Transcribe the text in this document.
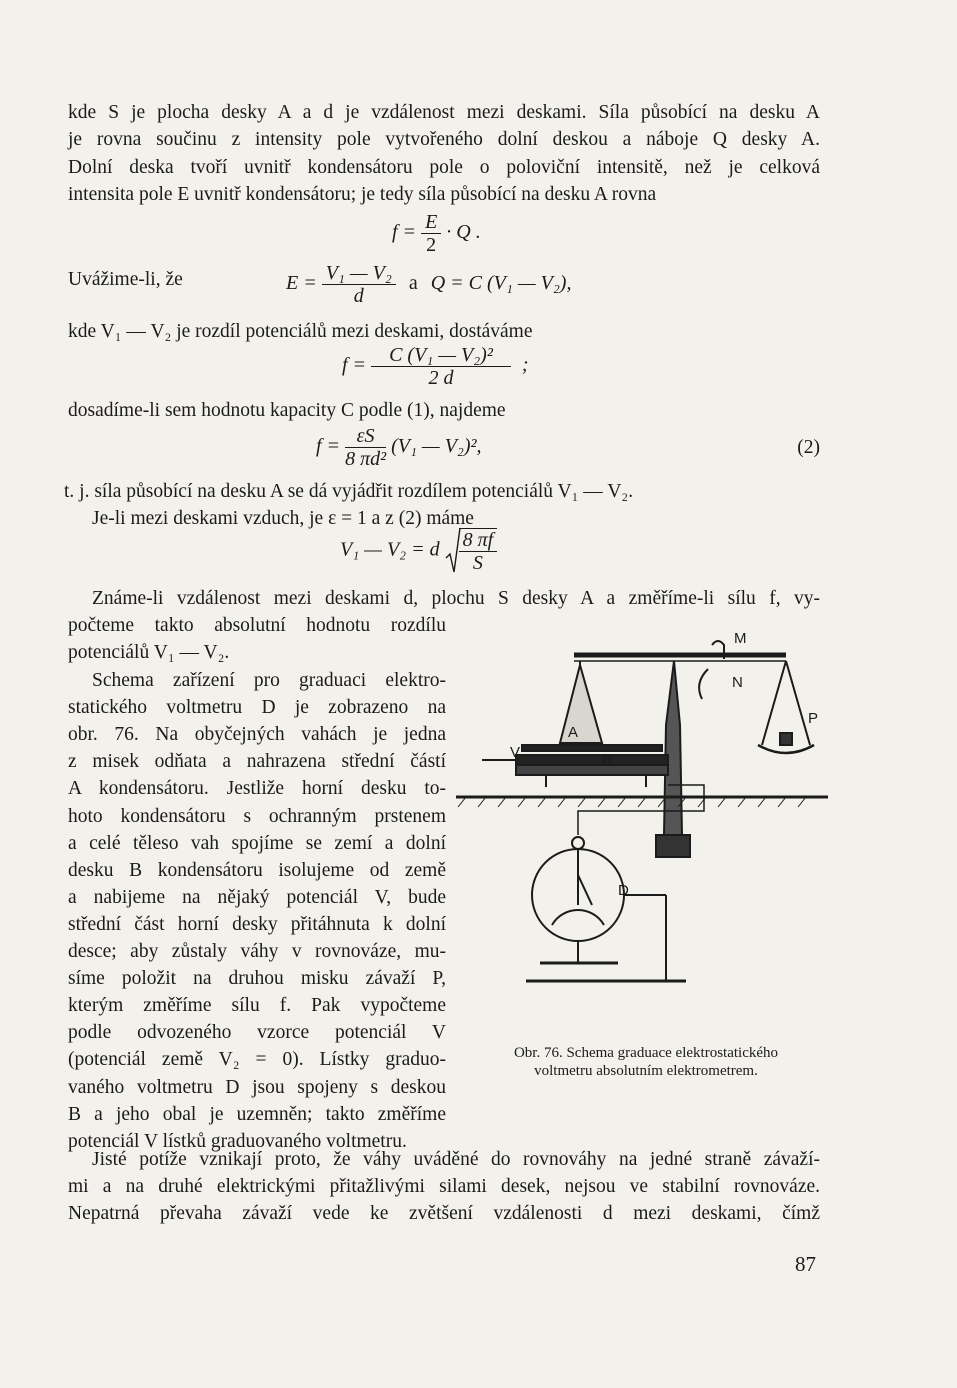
kde S je plocha desky A a d je vzdálenost mezi deskami. Síla působící na desku A
je rovna součinu z intensity pole vytvořeného dolní deskou a náboje Q desky A.
Dolní deska tvoří uvnitř kondensátoru pole o poloviční intensitě, než je celková
intensita pole E uvnitř kondensátoru; je tedy síla působící na desku A rovna
$f = \frac{E}{2} \cdot Q$ .
Uvážime-li, že	$E = \frac{\text{V₁ — V₂}}{d}$ a Q = C (V₁ — V₂),
kde V₁ — V₂ je rozdíl potenciálů mezi deskami, dostáváme
$f = \frac{\text{C (V₁ — V₂)²}}{2 d}$ ;
dosadíme-li sem hodnotu kapacity C podle (1), najdeme
$f = \frac{\varepsilon S}{\text{8 πd²}} (V_1$ — V₂)²,	(2)
t. j. síla působící na desku A se dá vyjádřit rozdílem potenciálů V₁ — V₂.
Je-li mezi deskami vzduch, je ε = 1 a z (2) máme
V₁ — V₂ = d $\frac{8 \pi f}{S}$
Známe-li vzdálenost mezi deskami d, plochu S desky A a změříme-li sílu f, vy-
počteme takto absolutní hodnotu rozdílu
potenciálů V₁ — V₂.
Schema zařízení pro graduaci elektro-
statického voltmetru D je zobrazeno na
obr. 76. Na obyčejných vahách je jedna
z misek odňata a nahrazena střední částí
A kondensátoru. Jestliže horní desku to-
hoto kondensátoru s ochranným prstenem
a celé těleso vah spojíme se zemí a dolní
desku B kondensátoru isolujeme od země
a nabijeme na nějaký potenciál V, bude
střední část horní desky přitáhnuta k dolní
desce; aby zůstaly váhy v rovnováze, mu-
síme položit na druhou misku závaží P,
kterým změříme sílu f. Pak vypočteme
podle odvozeného vzorce potenciál V
(potenciál země V₂ = 0). Lístky graduo-
vaného voltmetru D jsou spojeny s deskou
B a jeho obal je uzemněn; takto změříme
potenciál V lístků graduovaného voltmetru.
Jisté potíže vznikají proto, že váhy uváděné do rovnováhy na jedné straně závaží-
mi a na druhé elektrickými přitažlivými silami desek, nejsou ve stabilní rovnováze.
Nepatrná převaha závaží vede ke zvětšení vzdálenosti d mezi deskami, čímž
M
N
P
A
B
V
D
Obr. 76. Schema graduace elektrostatického
voltmetru absolutním elektrometrem.
87
